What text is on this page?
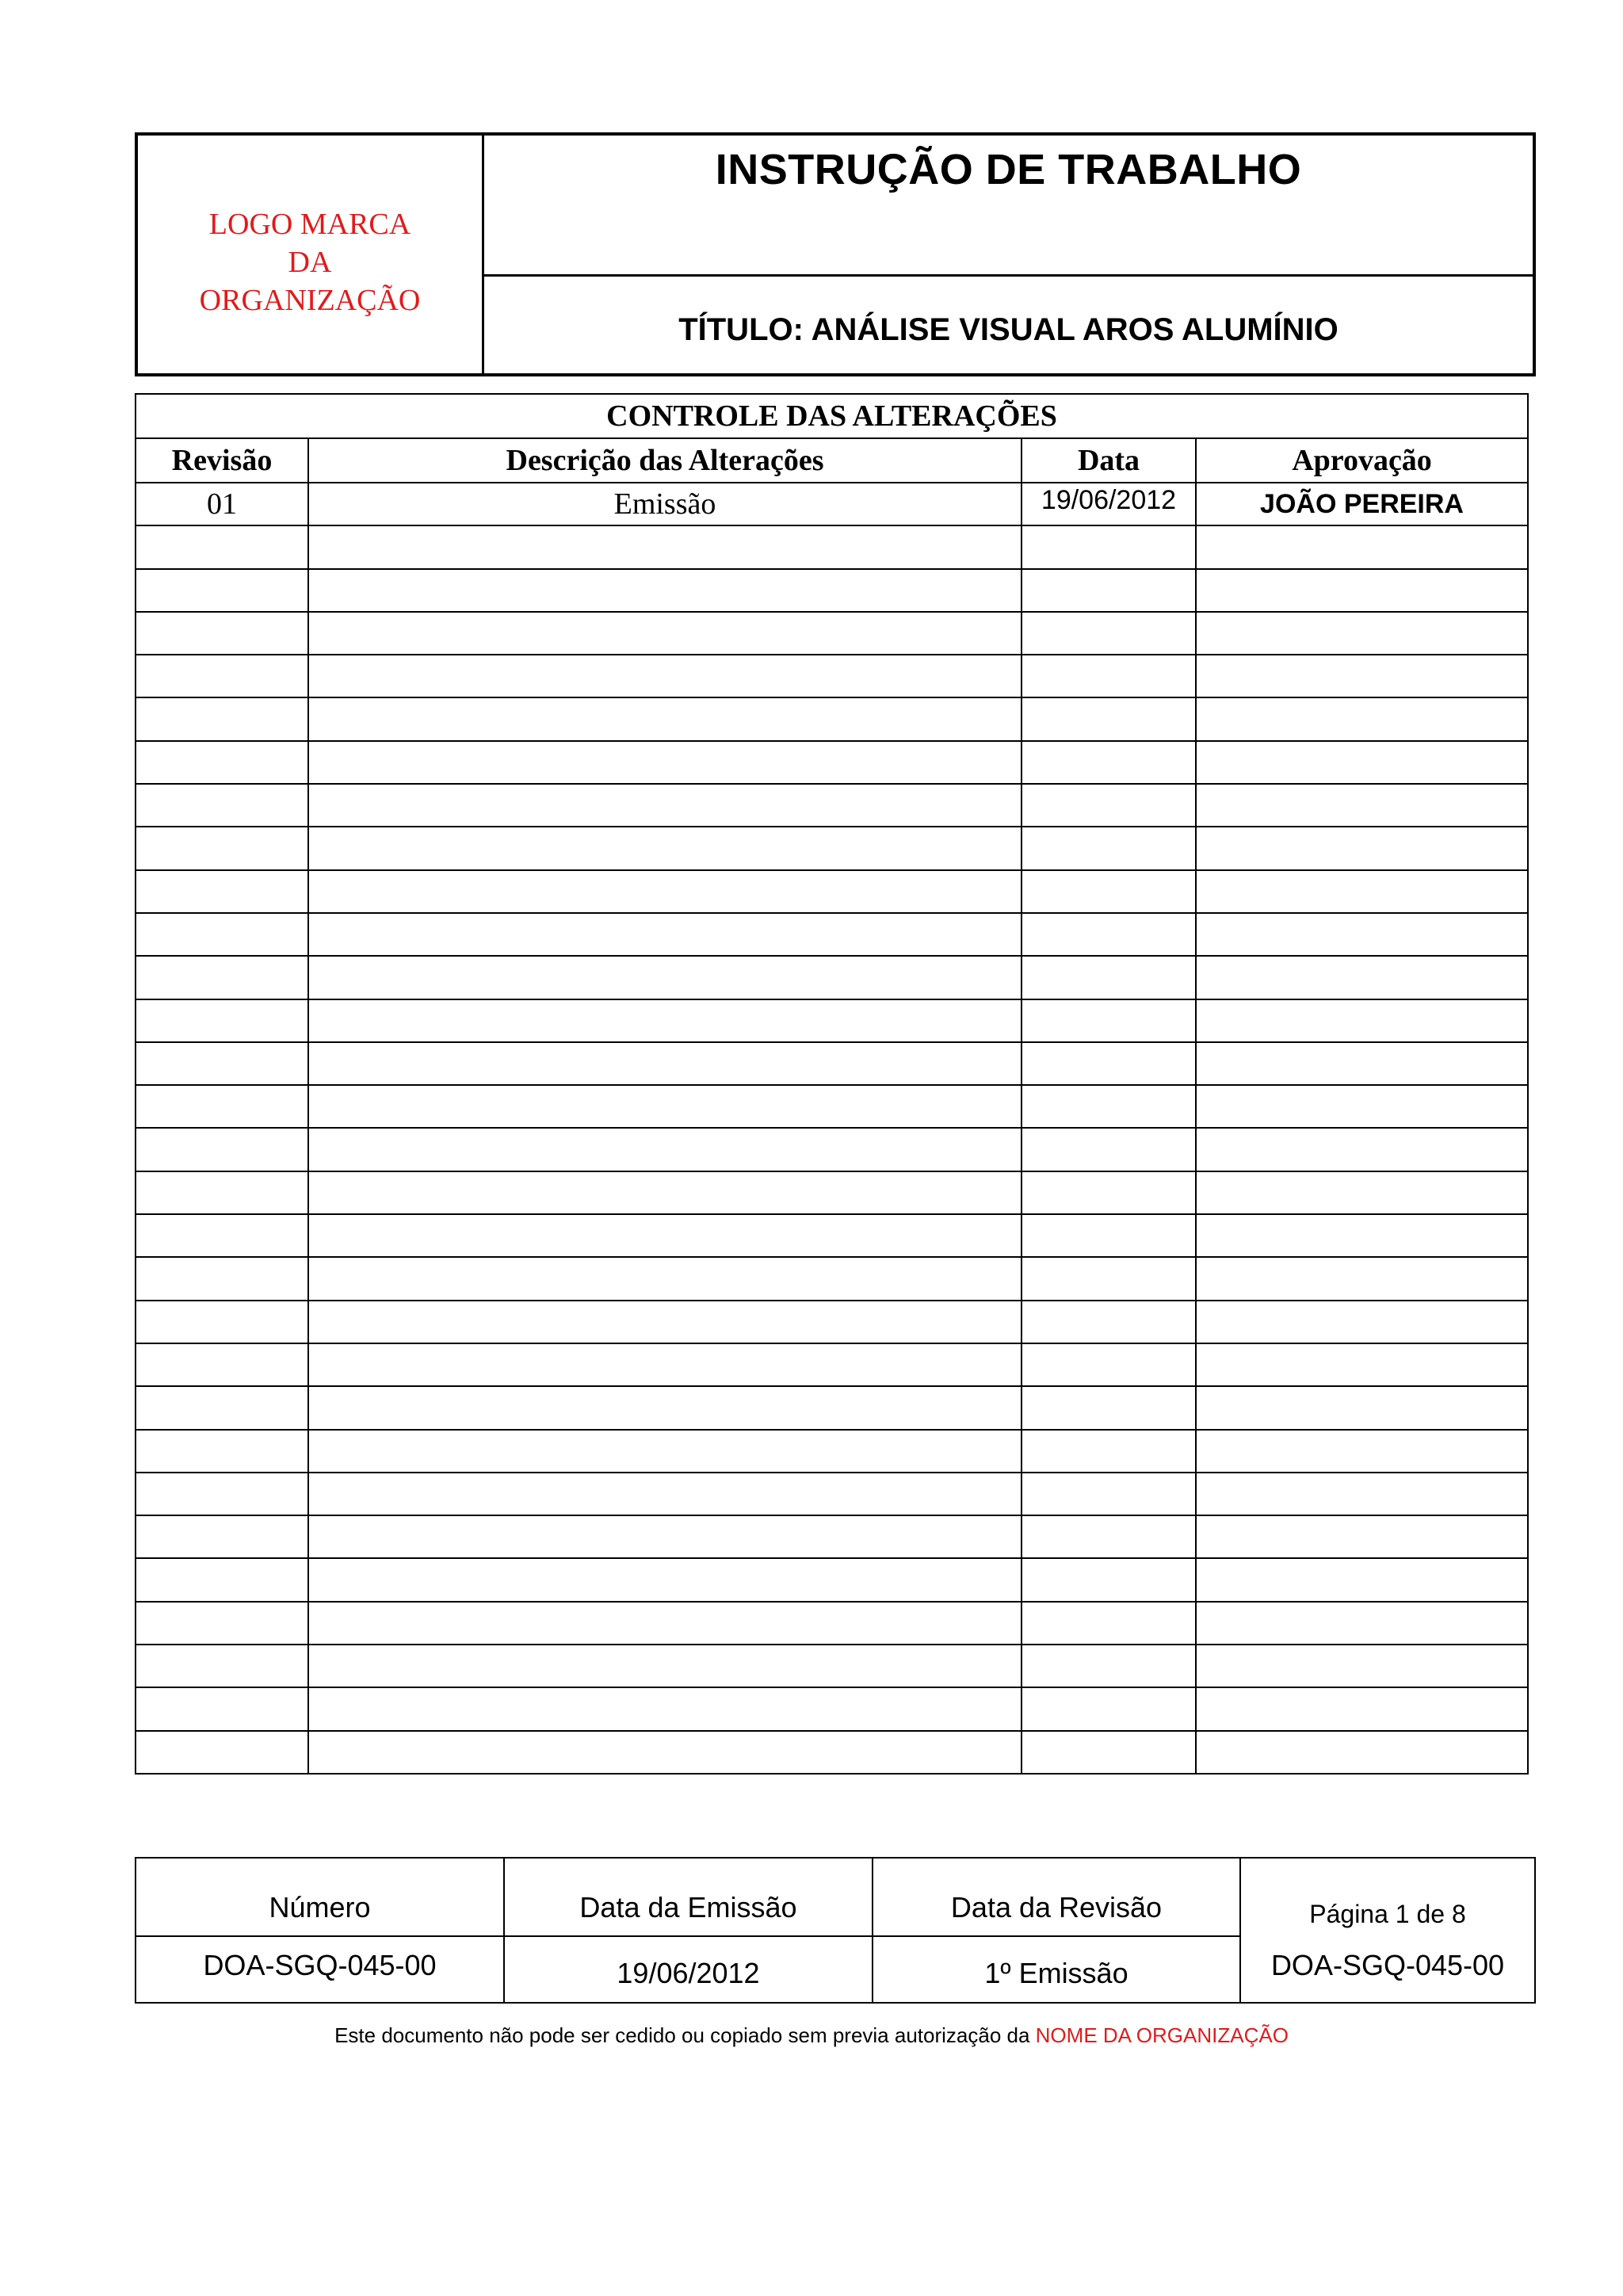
LOGO MARCA
DA
ORGANIZAÇÃO
INSTRUÇÃO DE TRABALHO
TÍTULO: ANÁLISE VISUAL AROS ALUMÍNIO
CONTROLE DAS ALTERAÇÕES			
Revisão	Descrição das Alterações	Data	Aprovação
01	Emissão	19/06/2012	JOÃO PEREIRA

Número	Data da Emissão	Data da Revisão	Página 1 de 8
DOA-SGQ-045-00	19/06/2012	1º Emissão	DOA-SGQ-045-00
Este documento não pode ser cedido ou copiado sem previa autorização da NOME DA ORGANIZAÇÃO
